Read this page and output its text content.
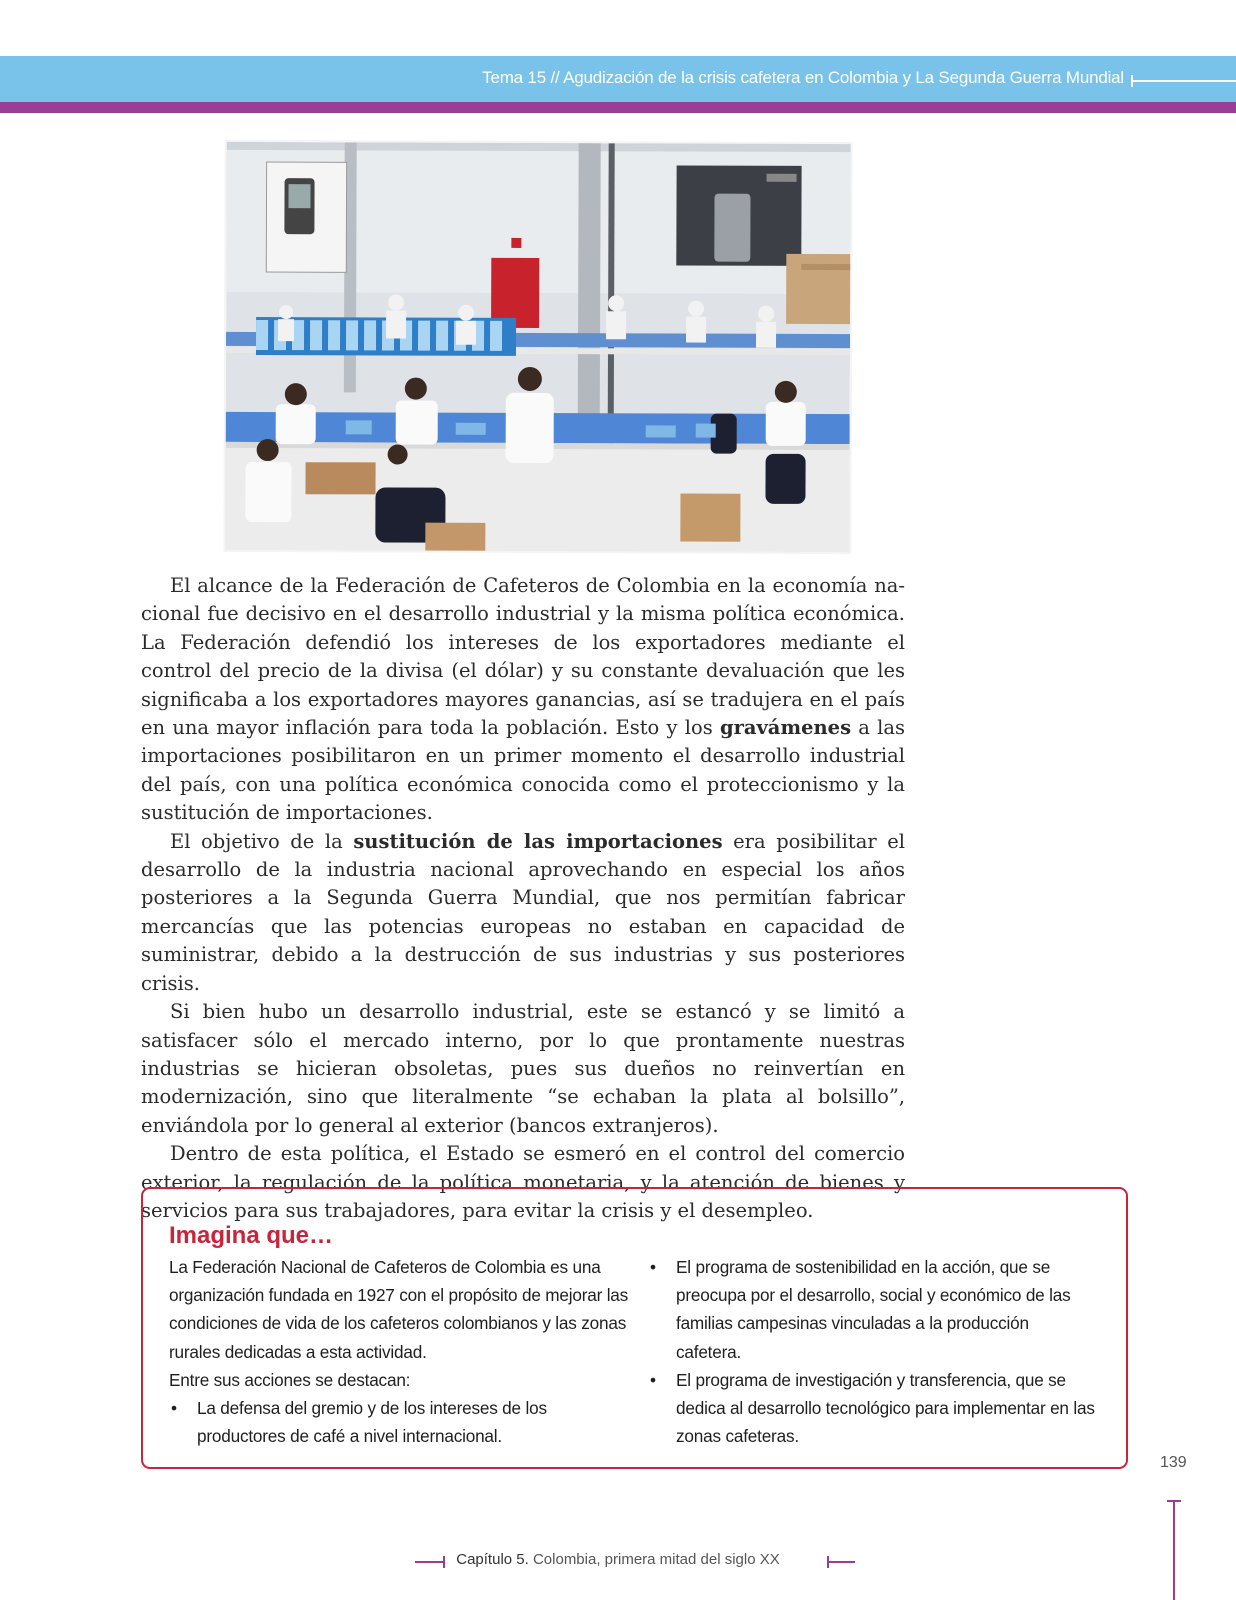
Tema 15 // Agudización de la crisis cafetera en Colombia y La Segunda Guerra Mundial

El alcance de la Federación de Cafeteros de Colombia en la economía nacional fue decisivo en el desarrollo industrial y la misma política económica. La Federación defendió los intereses de los exportadores mediante el control del precio de la divisa (el dólar) y su constante devaluación que les significaba a los exportadores mayores ganancias, así se tradujera en el país en una mayor inflación para toda la población. Esto y los gravámenes a las importaciones posibilitaron en un primer momento el desarrollo industrial del país, con una política económica conocida como el proteccionismo y la sustitución de importaciones.

El objetivo de la sustitución de las importaciones era posibilitar el desarrollo de la industria nacional aprovechando en especial los años posteriores a la Segunda Guerra Mundial, que nos permitían fabricar mercancías que las potencias europeas no estaban en capacidad de suministrar, debido a la destrucción de sus industrias y sus posteriores crisis.

Si bien hubo un desarrollo industrial, este se estancó y se limitó a satisfacer sólo el mercado interno, por lo que prontamente nuestras industrias se hicieran obsoletas, pues sus dueños no reinvertían en modernización, sino que literalmente “se echaban la plata al bolsillo”, enviándola por lo general al exterior (bancos extranjeros).

Dentro de esta política, el Estado se esmeró en el control del comercio exterior, la regulación de la política monetaria, y la atención de bienes y servicios para sus trabajadores, para evitar la crisis y el desempleo.

Imagina que…

La Federación Nacional de Cafeteros de Colombia es una organización fundada en 1927 con el propósito de mejorar las condiciones de vida de los cafeteros colombianos y las zonas rurales dedicadas a esta actividad.

Entre sus acciones se destacan:

• La defensa del gremio y de los intereses de los productores de café a nivel internacional.
• El programa de sostenibilidad en la acción, que se preocupa por el desarrollo, social y económico de las familias campesinas vinculadas a la producción cafetera.
• El programa de investigación y transferencia, que se dedica al desarrollo tecnológico para implementar en las zonas cafeteras.
139
Capítulo 5. Colombia, primera mitad del siglo XX
